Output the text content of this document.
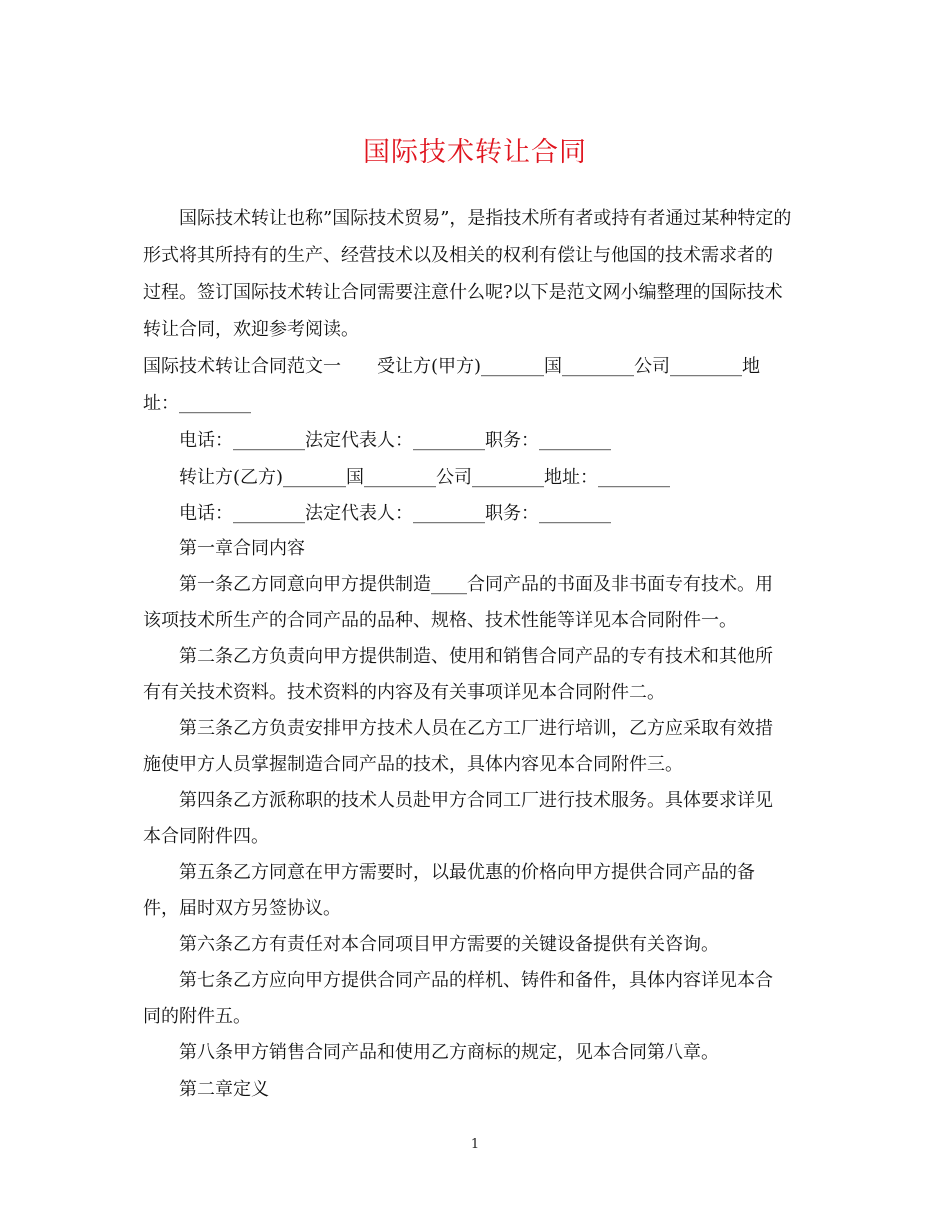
国际技术转让合同

国际技术转让也称”国际技术贸易”，是指技术所有者或持有者通过某种特定的

形式将其所持有的生产、经营技术以及相关的权利有偿让与他国的技术需求者的

过程。签订国际技术转让合同需要注意什么呢?以下是范文网小编整理的国际技术

转让合同，欢迎参考阅读。

国际技术转让合同范文一　　受让方(甲方)_______国________公司________地

址：________

电话：________法定代表人：________职务：________

转让方(乙方)_______国________公司________地址：________

电话：________法定代表人：________职务：________

第一章合同内容

第一条乙方同意向甲方提供制造____合同产品的书面及非书面专有技术。用

该项技术所生产的合同产品的品种、规格、技术性能等详见本合同附件一。

第二条乙方负责向甲方提供制造、使用和销售合同产品的专有技术和其他所

有有关技术资料。技术资料的内容及有关事项详见本合同附件二。

第三条乙方负责安排甲方技术人员在乙方工厂进行培训，乙方应采取有效措

施使甲方人员掌握制造合同产品的技术，具体内容见本合同附件三。

第四条乙方派称职的技术人员赴甲方合同工厂进行技术服务。具体要求详见

本合同附件四。

第五条乙方同意在甲方需要时，以最优惠的价格向甲方提供合同产品的备

件，届时双方另签协议。

第六条乙方有责任对本合同项目甲方需要的关键设备提供有关咨询。

第七条乙方应向甲方提供合同产品的样机、铸件和备件，具体内容详见本合

同的附件五。

第八条甲方销售合同产品和使用乙方商标的规定，见本合同第八章。

第二章定义

1
